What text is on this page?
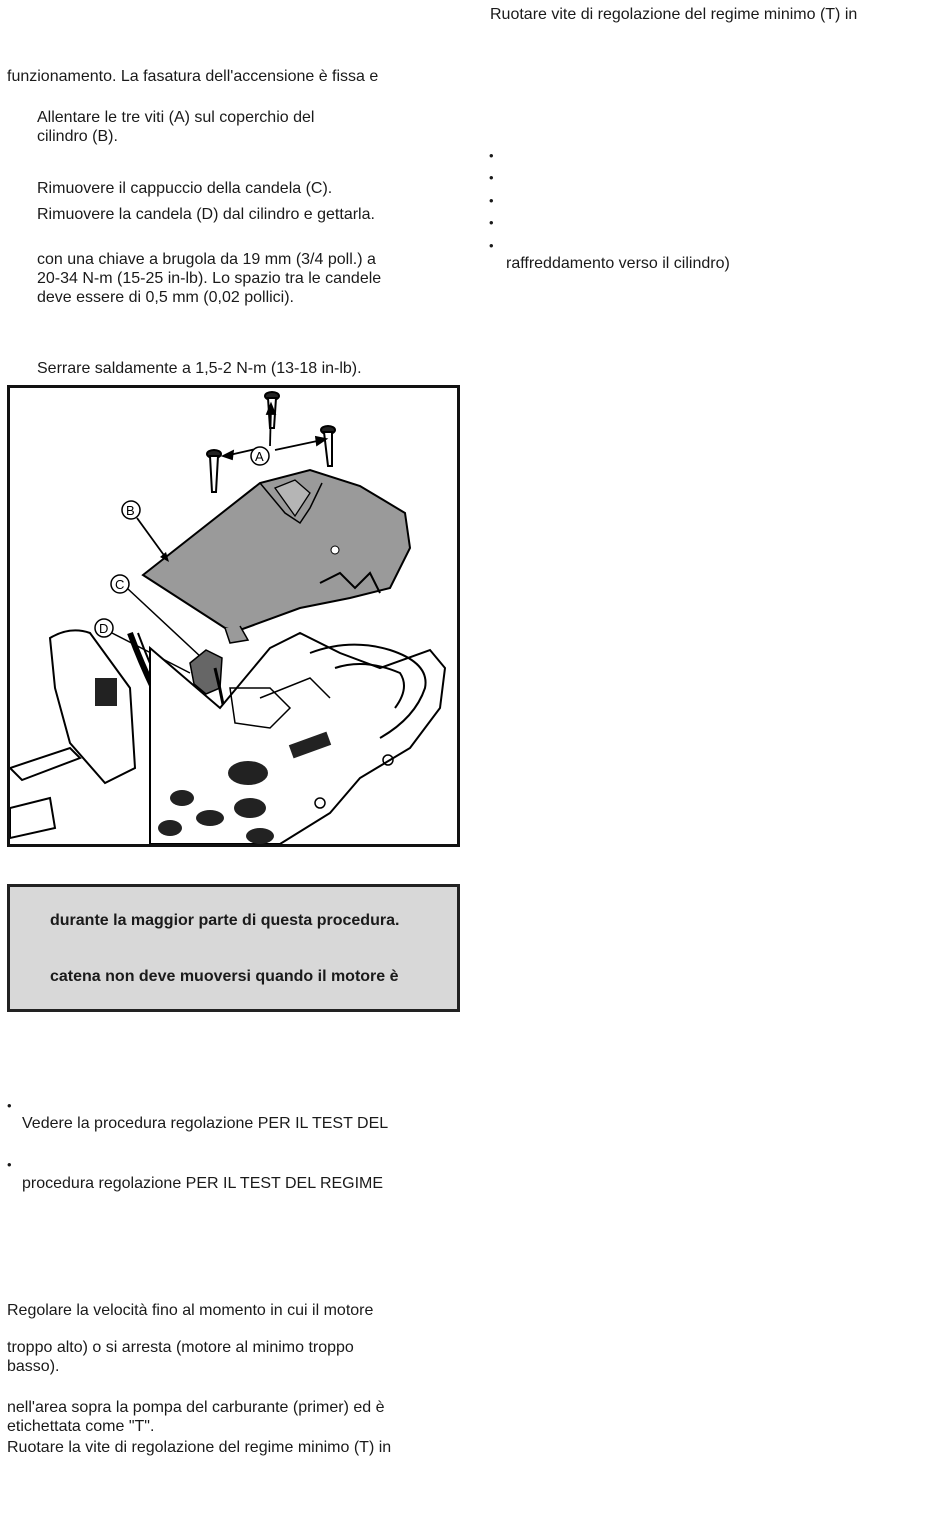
Ruotare vite di regolazione del regime minimo (T) in
•
•
•
•
•
raffreddamento verso il cilindro)
funzionamento. La fasatura dell'accensione è fissa e
Allentare le tre viti (A) sul coperchio del
cilindro (B).
Rimuovere il cappuccio della candela (C).
Rimuovere la candela (D) dal cilindro e gettarla.
con una chiave a brugola da 19 mm (3/4 poll.) a
20-34 N-m (15-25 in-lb). Lo spazio tra le candele
deve essere di 0,5 mm (0,02 pollici).
Serrare saldamente a 1,5-2 N-m (13-18 in-lb).
A
B
C
D
durante la maggior parte di questa procedura.
catena non deve muoversi quando il motore è
•
Vedere la procedura regolazione PER IL TEST DEL
•
procedura regolazione PER IL TEST DEL REGIME
Regolare la velocità fino al momento in cui il motore
troppo alto) o si arresta (motore al minimo troppo
basso).
nell'area sopra la pompa del carburante (primer) ed è
etichettata come "T".
Ruotare la vite di regolazione del regime minimo (T) in
